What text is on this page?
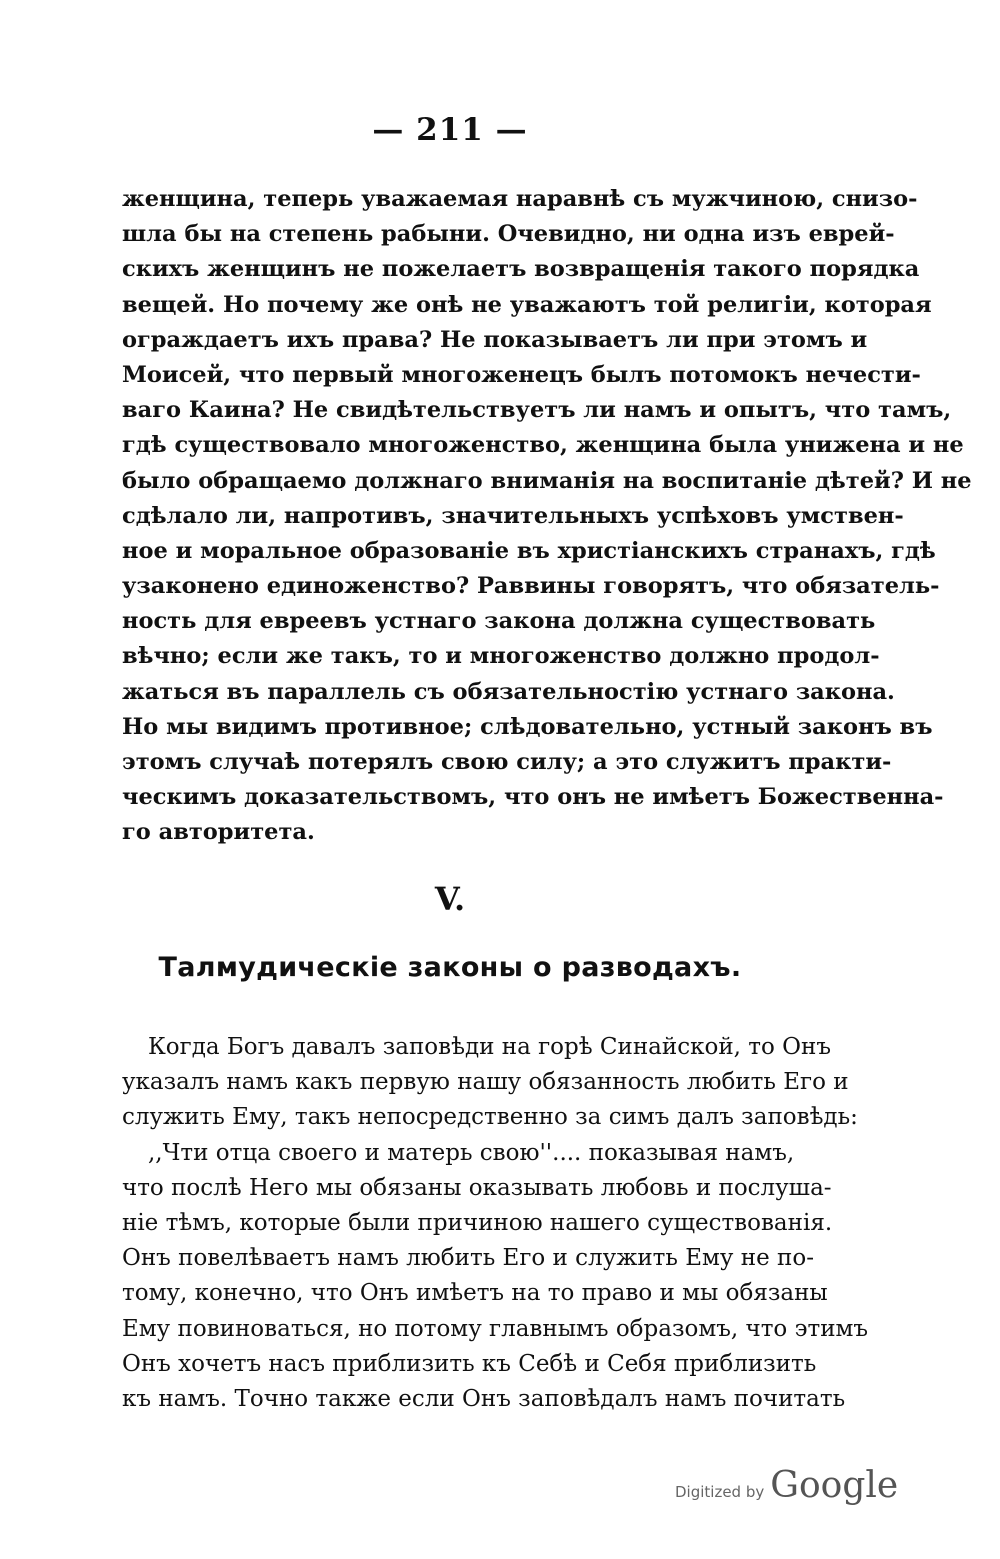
— 211 —
женщина, теперь уважаемая наравнѣ съ мужчиною, снизо-
шла бы на степень рабыни. Очевидно, ни одна изъ еврей-
скихъ женщинъ не пожелаетъ возвращенія такого порядка
вещей. Но почему же онѣ не уважаютъ той религіи, которая
ограждаетъ ихъ права? Не показываетъ ли при этомъ и
Моисей, что первый многоженецъ былъ потомокъ нечести-
ваго Каина? Не свидѣтельствуетъ ли намъ и опытъ, что тамъ,
гдѣ существовало многоженство, женщина была унижена и не
было обращаемо должнаго вниманія на воспитаніе дѣтей? И не
сдѣлало ли, напротивъ, значительныхъ успѣховъ умствен-
ное и моральное образованіе въ христіанскихъ странахъ, гдѣ
узаконено единоженство? Раввины говорятъ, что обязатель-
ность для евреевъ устнаго закона должна существовать
вѣчно; если же такъ, то и многоженство должно продол-
жаться въ параллель съ обязательностію устнаго закона.
Но мы видимъ противное; слѣдовательно, устный законъ въ
этомъ случаѣ потерялъ свою силу; а это служитъ практи-
ческимъ доказательствомъ, что онъ не имѣетъ Божественна-
го авторитета.
V.
Талмудическіе законы о разводахъ.
Когда Богъ давалъ заповѣди на горѣ Синайской, то Онъ
указалъ намъ какъ первую нашу обязанность любить Его и
служить Ему, такъ непосредственно за симъ далъ заповѣдь:
,,Чти отца своего и матерь свою''.... показывая намъ,
что послѣ Него мы обязаны оказывать любовь и послуша-
ніе тѣмъ, которые были причиною нашего существованія.
Онъ повелѣваетъ намъ любить Его и служить Ему не по-
тому, конечно, что Онъ имѣетъ на то право и мы обязаны
Ему повиноваться, но потому главнымъ образомъ, что этимъ
Онъ хочетъ насъ приблизить къ Себѣ и Себя приблизить
къ намъ. Точно также если Онъ заповѣдалъ намъ почитать
Digitized by Google
